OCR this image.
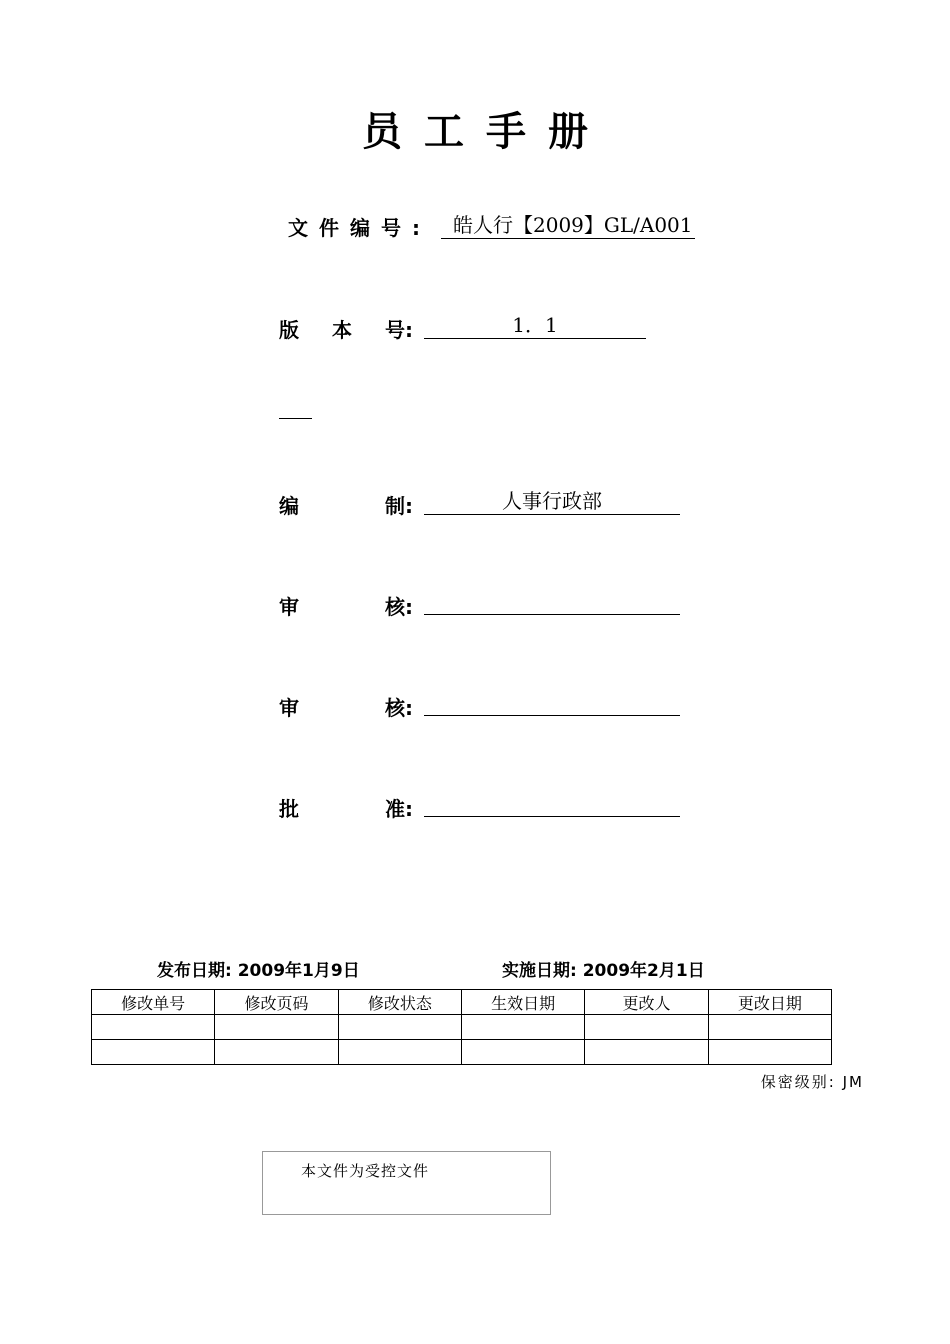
员工手册
文件编号:	皓人行【2009】GL/A001
版 本 号:	1．1
编	制:	人事行政部
审	核:
审	核:
批	准:
发布日期: 2009年1月9日	实施日期: 2009年2月1日
修改单号	修改页码	修改状态	生效日期	更改人	更改日期

保密级别: JM
本文件为受控文件
